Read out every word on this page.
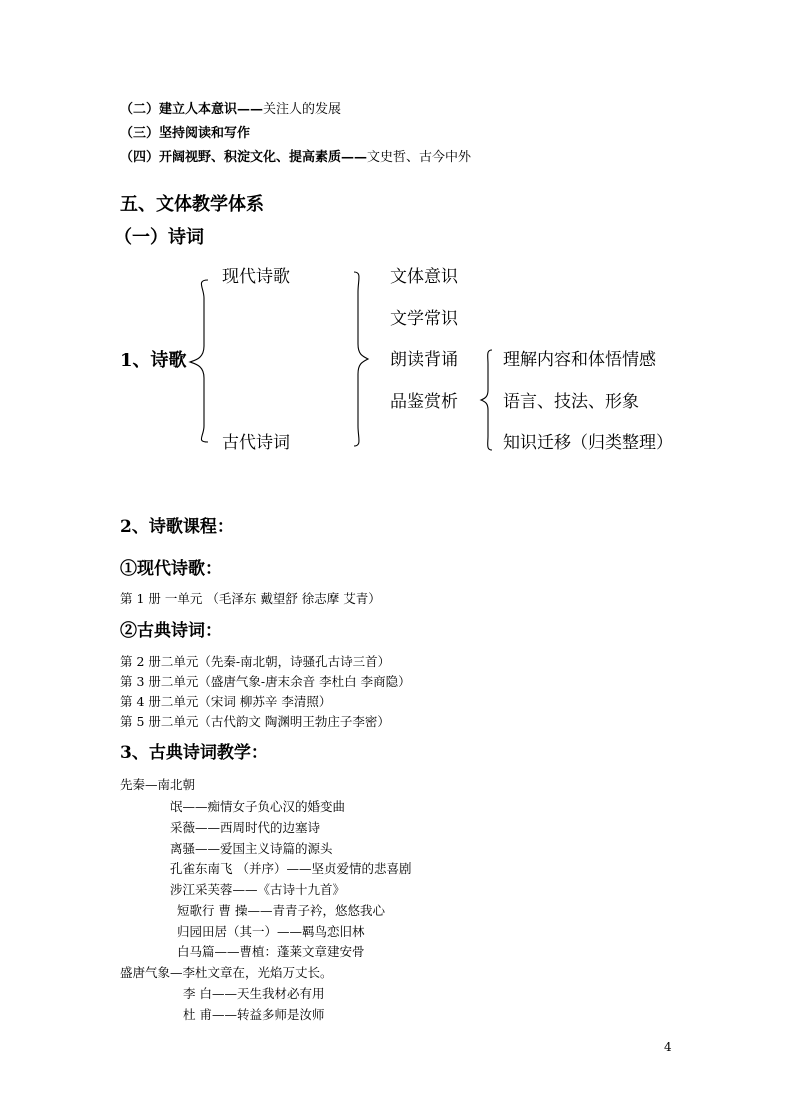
（二）建立人本意识——关注人的发展
（三）坚持阅读和写作
（四）开阔视野、积淀文化、提高素质——文史哲、古今中外
五、文体教学体系
（一）诗词
1、诗歌
现代诗歌
古代诗词
文体意识
文学常识
朗读背诵
品鉴赏析
理解内容和体悟情感
语言、技法、形象
知识迁移（归类整理）
2、诗歌课程：
①现代诗歌：
第 1 册 一单元 （毛泽东 戴望舒 徐志摩 艾青）
②古典诗词：
第 2 册二单元（先秦-南北朝，诗骚孔古诗三首）
第 3 册二单元（盛唐气象-唐末余音 李杜白 李商隐）
第 4 册二单元（宋词 柳苏辛 李清照）
第 5 册二单元（古代韵文 陶渊明王勃庄子李密）
3、古典诗词教学：
先秦—南北朝
氓——痴情女子负心汉的婚变曲
采薇——西周时代的边塞诗
离骚——爱国主义诗篇的源头
孔雀东南飞 （并序）——坚贞爱情的悲喜剧
涉江采芙蓉——《古诗十九首》
短歌行 曹 操——青青子衿，悠悠我心
归园田居（其一）——羁鸟恋旧林
白马篇——曹植：蓬莱文章建安骨
盛唐气象—李杜文章在，光焰万丈长。
李 白——天生我材必有用
杜 甫——转益多师是汝师
4
